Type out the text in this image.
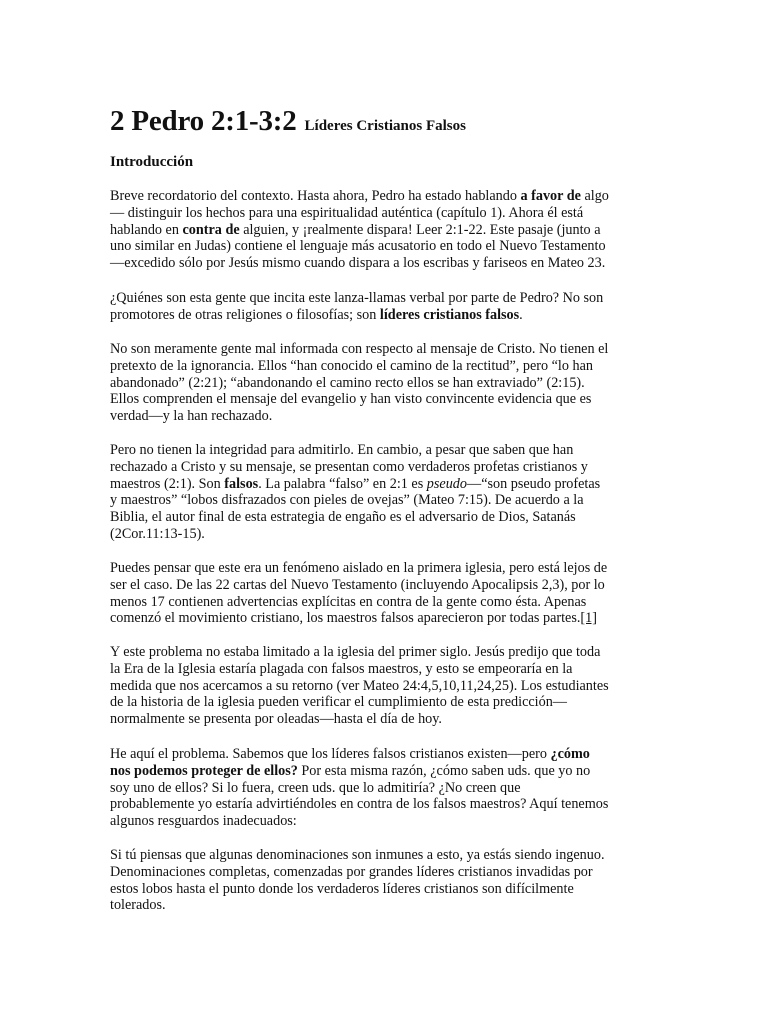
2 Pedro 2:1-3:2 Líderes Cristianos Falsos
Introducción
Breve recordatorio del contexto. Hasta ahora, Pedro ha estado hablando a favor de algo
— distinguir los hechos para una espiritualidad auténtica (capítulo 1). Ahora él está
hablando en contra de alguien, y ¡realmente dispara! Leer 2:1-22. Este pasaje (junto a
uno similar en Judas) contiene el lenguaje más acusatorio en todo el Nuevo Testamento
—excedido sólo por Jesús mismo cuando dispara a los escribas y fariseos en Mateo 23.
¿Quiénes son esta gente que incita este lanza-llamas verbal por parte de Pedro? No son
promotores de otras religiones o filosofías; son líderes cristianos falsos.
No son meramente gente mal informada con respecto al mensaje de Cristo. No tienen el
pretexto de la ignorancia. Ellos “han conocido el camino de la rectitud”, pero “lo han
abandonado” (2:21); “abandonando el camino recto ellos se han extraviado” (2:15).
Ellos comprenden el mensaje del evangelio y han visto convincente evidencia que es
verdad—y la han rechazado.
Pero no tienen la integridad para admitirlo. En cambio, a pesar que saben que han
rechazado a Cristo y su mensaje, se presentan como verdaderos profetas cristianos y
maestros (2:1). Son falsos. La palabra “falso” en 2:1 es pseudo—“son pseudo profetas
y maestros” “lobos disfrazados con pieles de ovejas” (Mateo 7:15). De acuerdo a la
Biblia, el autor final de esta estrategia de engaño es el adversario de Dios, Satanás
(2Cor.11:13-15).
Puedes pensar que este era un fenómeno aislado en la primera iglesia, pero está lejos de
ser el caso. De las 22 cartas del Nuevo Testamento (incluyendo Apocalipsis 2,3), por lo
menos 17 contienen advertencias explícitas en contra de la gente como ésta. Apenas
comenzó el movimiento cristiano, los maestros falsos aparecieron por todas partes.[1]
Y este problema no estaba limitado a la iglesia del primer siglo. Jesús predijo que toda
la Era de la Iglesia estaría plagada con falsos maestros, y esto se empeoraría en la
medida que nos acercamos a su retorno (ver Mateo 24:4,5,10,11,24,25). Los estudiantes
de la historia de la iglesia pueden verificar el cumplimiento de esta predicción—
normalmente se presenta por oleadas—hasta el día de hoy.
He aquí el problema. Sabemos que los líderes falsos cristianos existen—pero ¿cómo
nos podemos proteger de ellos? Por esta misma razón, ¿cómo saben uds. que yo no
soy uno de ellos? Si lo fuera, creen uds. que lo admitiría? ¿No creen que
probablemente yo estaría advirtiéndoles en contra de los falsos maestros? Aquí tenemos
algunos resguardos inadecuados:
Si tú piensas que algunas denominaciones son inmunes a esto, ya estás siendo ingenuo.
Denominaciones completas, comenzadas por grandes líderes cristianos invadidas por
estos lobos hasta el punto donde los verdaderos líderes cristianos son difícilmente
tolerados.
